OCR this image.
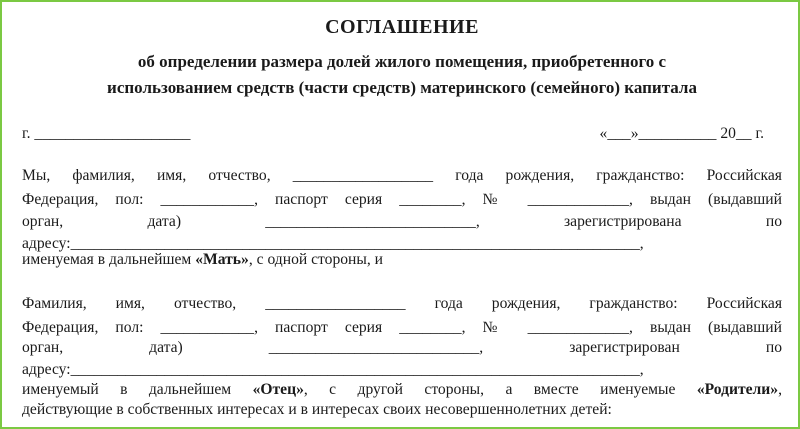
СОГЛАШЕНИЕ
об определении размера долей жилого помещения, приобретенного с
использованием средств (части средств) материнского (семейного) капитала
г. ____________________	«___»__________ 20__ г.
Мы, фамилия, имя, отчество, __________________ года рождения, гражданство: Российская
Федерация, пол: ____________, паспорт серия ________, № _____________, выдан (выдавший
орган, дата) ___________________________, зарегистрирована по
адресу:_________________________________________________________________________,
именуемая в дальнейшем «Мать», с одной стороны, и
Фамилия, имя, отчество, __________________ года рождения, гражданство: Российская
Федерация, пол: ____________, паспорт серия ________, № _____________, выдан (выдавший
орган, дата) ___________________________, зарегистрирован по
адресу:_________________________________________________________________________,
именуемый в дальнейшем «Отец», с другой стороны, а вместе именуемые «Родители»,
действующие в собственных интересах и в интересах своих несовершеннолетних детей:
